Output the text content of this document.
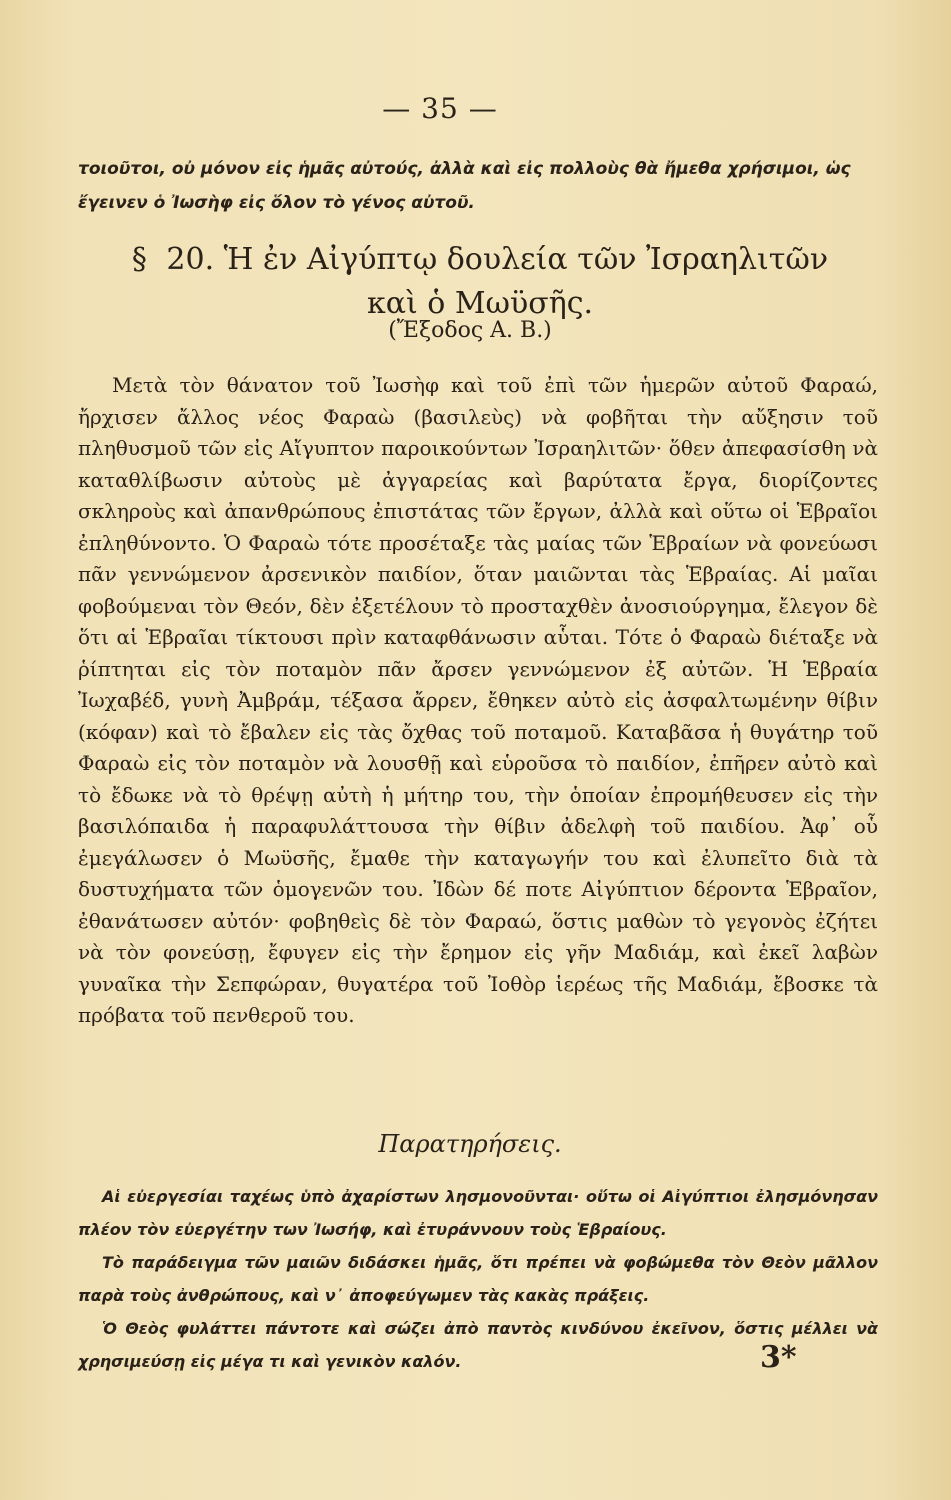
— 35 —
τοιοῦτοι, οὐ μόνον εἰς ἡμᾶς αὐτούς, ἀλλὰ καὶ εἰς πολλοὺς θὰ ἤμεθα χρήσιμοι, ὡς ἔγεινεν ὁ Ἰωσὴφ εἰς ὅλον τὸ γένος αὐτοῦ.
§ 20. Ἡ ἐν Αἰγύπτῳ δουλεία τῶν Ἰσραηλιτῶν καὶ ὁ Μωϋσῆς.
(Ἔξοδος Α. Β.)

Μετὰ τὸν θάνατον τοῦ Ἰωσὴφ καὶ τοῦ ἐπὶ τῶν ἡμερῶν αὐτοῦ Φαραώ, ἤρχισεν ἄλλος νέος Φαραὼ (βασιλεὺς) νὰ φοβῆται τὴν αὔξησιν τοῦ πληθυσμοῦ τῶν εἰς Αἴγυπτον παροικούντων Ἰσραηλιτῶν· ὅθεν ἀπεφασίσθη νὰ καταθλίβωσιν αὐτοὺς μὲ ἀγγαρείας καὶ βαρύτατα ἔργα, διορίζοντες σκληροὺς καὶ ἀπανθρώπους ἐπιστάτας τῶν ἔργων, ἀλλὰ καὶ οὕτω οἱ Ἑβραῖοι ἐπληθύνοντο. Ὁ Φαραὼ τότε προσέταξε τὰς μαίας τῶν Ἑβραίων νὰ φονεύωσι πᾶν γεννώμενον ἀρσενικὸν παιδίον, ὅταν μαιῶνται τὰς Ἑβραίας. Αἱ μαῖαι φοβούμεναι τὸν Θεόν, δὲν ἐξετέλουν τὸ προσταχθὲν ἀνοσιούργημα, ἔλεγον δὲ ὅτι αἱ Ἑβραῖαι τίκτουσι πρὶν καταφθάνωσιν αὗται. Τότε ὁ Φαραὼ διέταξε νὰ ῥίπτηται εἰς τὸν ποταμὸν πᾶν ἄρσεν γεννώμενον ἐξ αὐτῶν. Ἡ Ἑβραία Ἰωχαβέδ, γυνὴ Ἀμβράμ, τέξασα ἄρρεν, ἔθηκεν αὐτὸ εἰς ἀσφαλτωμένην θίβιν (κόφαν) καὶ τὸ ἔβαλεν εἰς τὰς ὄχθας τοῦ ποταμοῦ. Καταβᾶσα ἡ θυγάτηρ τοῦ Φαραὼ εἰς τὸν ποταμὸν νὰ λουσθῇ καὶ εὑροῦσα τὸ παιδίον, ἐπῆρεν αὐτὸ καὶ τὸ ἔδωκε νὰ τὸ θρέψῃ αὐτὴ ἡ μήτηρ του, τὴν ὁποίαν ἐπρομήθευσεν εἰς τὴν βασιλόπαιδα ἡ παραφυλάττουσα τὴν θίβιν ἀδελφὴ τοῦ παιδίου. Ἀφ᾽ οὗ ἐμεγάλωσεν ὁ Μωϋσῆς, ἔμαθε τὴν καταγωγήν του καὶ ἐλυπεῖτο διὰ τὰ δυστυχήματα τῶν ὁμογενῶν του. Ἰδὼν δέ ποτε Αἰγύπτιον δέροντα Ἑβραῖον, ἐθανάτωσεν αὐτόν· φοβηθεὶς δὲ τὸν Φαραώ, ὅστις μαθὼν τὸ γεγονὸς ἐζήτει νὰ τὸν φονεύσῃ, ἔφυγεν εἰς τὴν ἔρημον εἰς γῆν Μαδιάμ, καὶ ἐκεῖ λαβὼν γυναῖκα τὴν Σεπφώραν, θυγατέρα τοῦ Ἰοθὸρ ἱερέως τῆς Μαδιάμ, ἔβοσκε τὰ πρόβατα τοῦ πενθεροῦ του.

Παρατηρήσεις.

Αἱ εὐεργεσίαι ταχέως ὑπὸ ἀχαρίστων λησμονοῦνται· οὕτω οἱ Αἰγύπτιοι ἐλησμόνησαν πλέον τὸν εὐεργέτην των Ἰωσήφ, καὶ ἐτυράννουν τοὺς Ἑβραίους.

Τὸ παράδειγμα τῶν μαιῶν διδάσκει ἡμᾶς, ὅτι πρέπει νὰ φοβώμεθα τὸν Θεὸν μᾶλλον παρὰ τοὺς ἀνθρώπους, καὶ ν᾽ ἀποφεύγωμεν τὰς κακὰς πράξεις.

Ὁ Θεὸς φυλάττει πάντοτε καὶ σώζει ἀπὸ παντὸς κινδύνου ἐκεῖνον, ὅστις μέλλει νὰ χρησιμεύσῃ εἰς μέγα τι καὶ γενικὸν καλόν.	3*
